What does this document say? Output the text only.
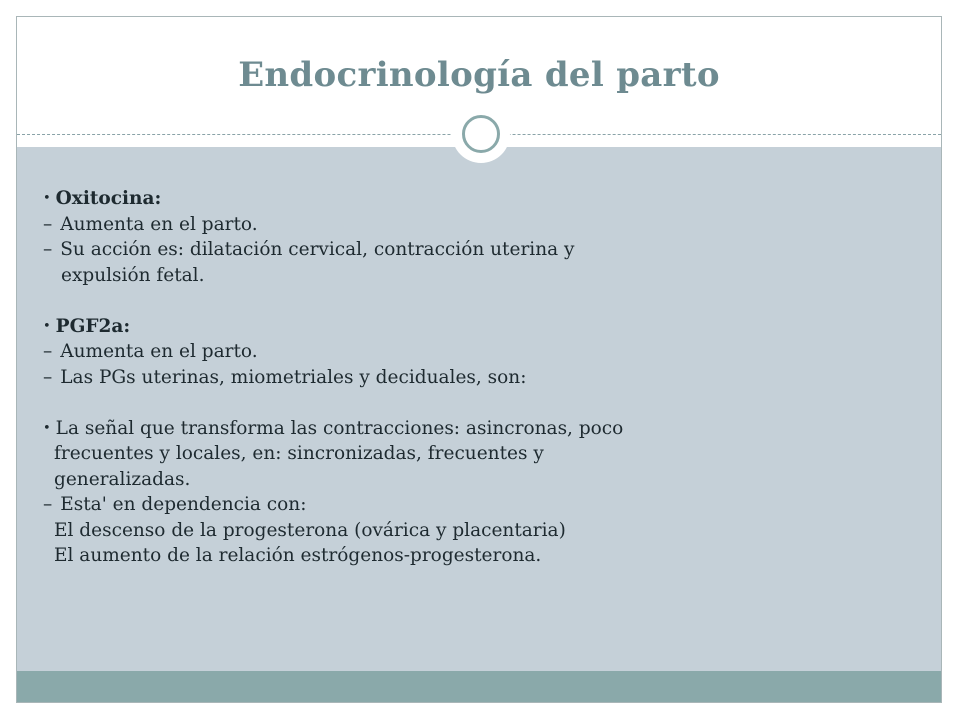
Endocrinología del parto
• Oxitocina:
– Aumenta en el parto.
– Su acción es: dilatación cervical, contracción uterina y
expulsión fetal.
• PGF2a:
– Aumenta en el parto.
– Las PGs uterinas, miometriales y deciduales, son:
• La señal que transforma las contracciones: asincronas, poco
frecuentes y locales, en: sincronizadas, frecuentes y
generalizadas.
– Esta' en dependencia con:
El descenso de la progesterona (ovárica y placentaria)
El aumento de la relación estrógenos-progesterona.
